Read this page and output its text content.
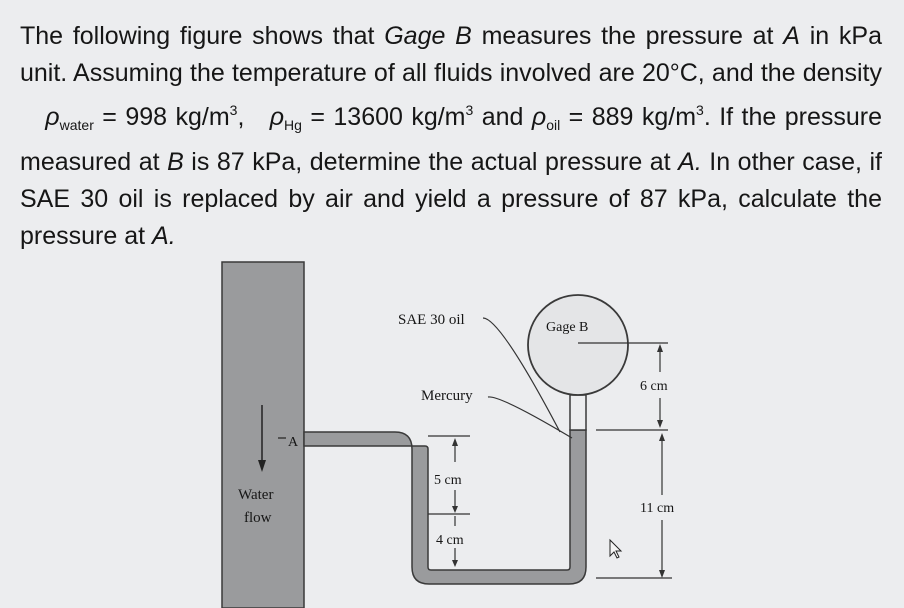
The following figure shows that Gage B measures the pressure at A in kPa unit. Assuming the temperature of all fluids involved are 20°C, and the density    $\rho_{water} = 998$ $kg/m^3$,   $\rho_{Hg} = 13600$ $kg/m^3$ and $\rho_{oil} = 889$ $kg/m^3$. If the pressure measured at B is 87 kPa, determine the actual pressure at A. In other case, if SAE 30 oil is replaced by air and yield a pressure of 87 kPa, calculate the pressure at A.
SAE 30 oil	Gage B
Mercury
6 cm
A
5 cm
4 cm
11 cm
Water
flow
